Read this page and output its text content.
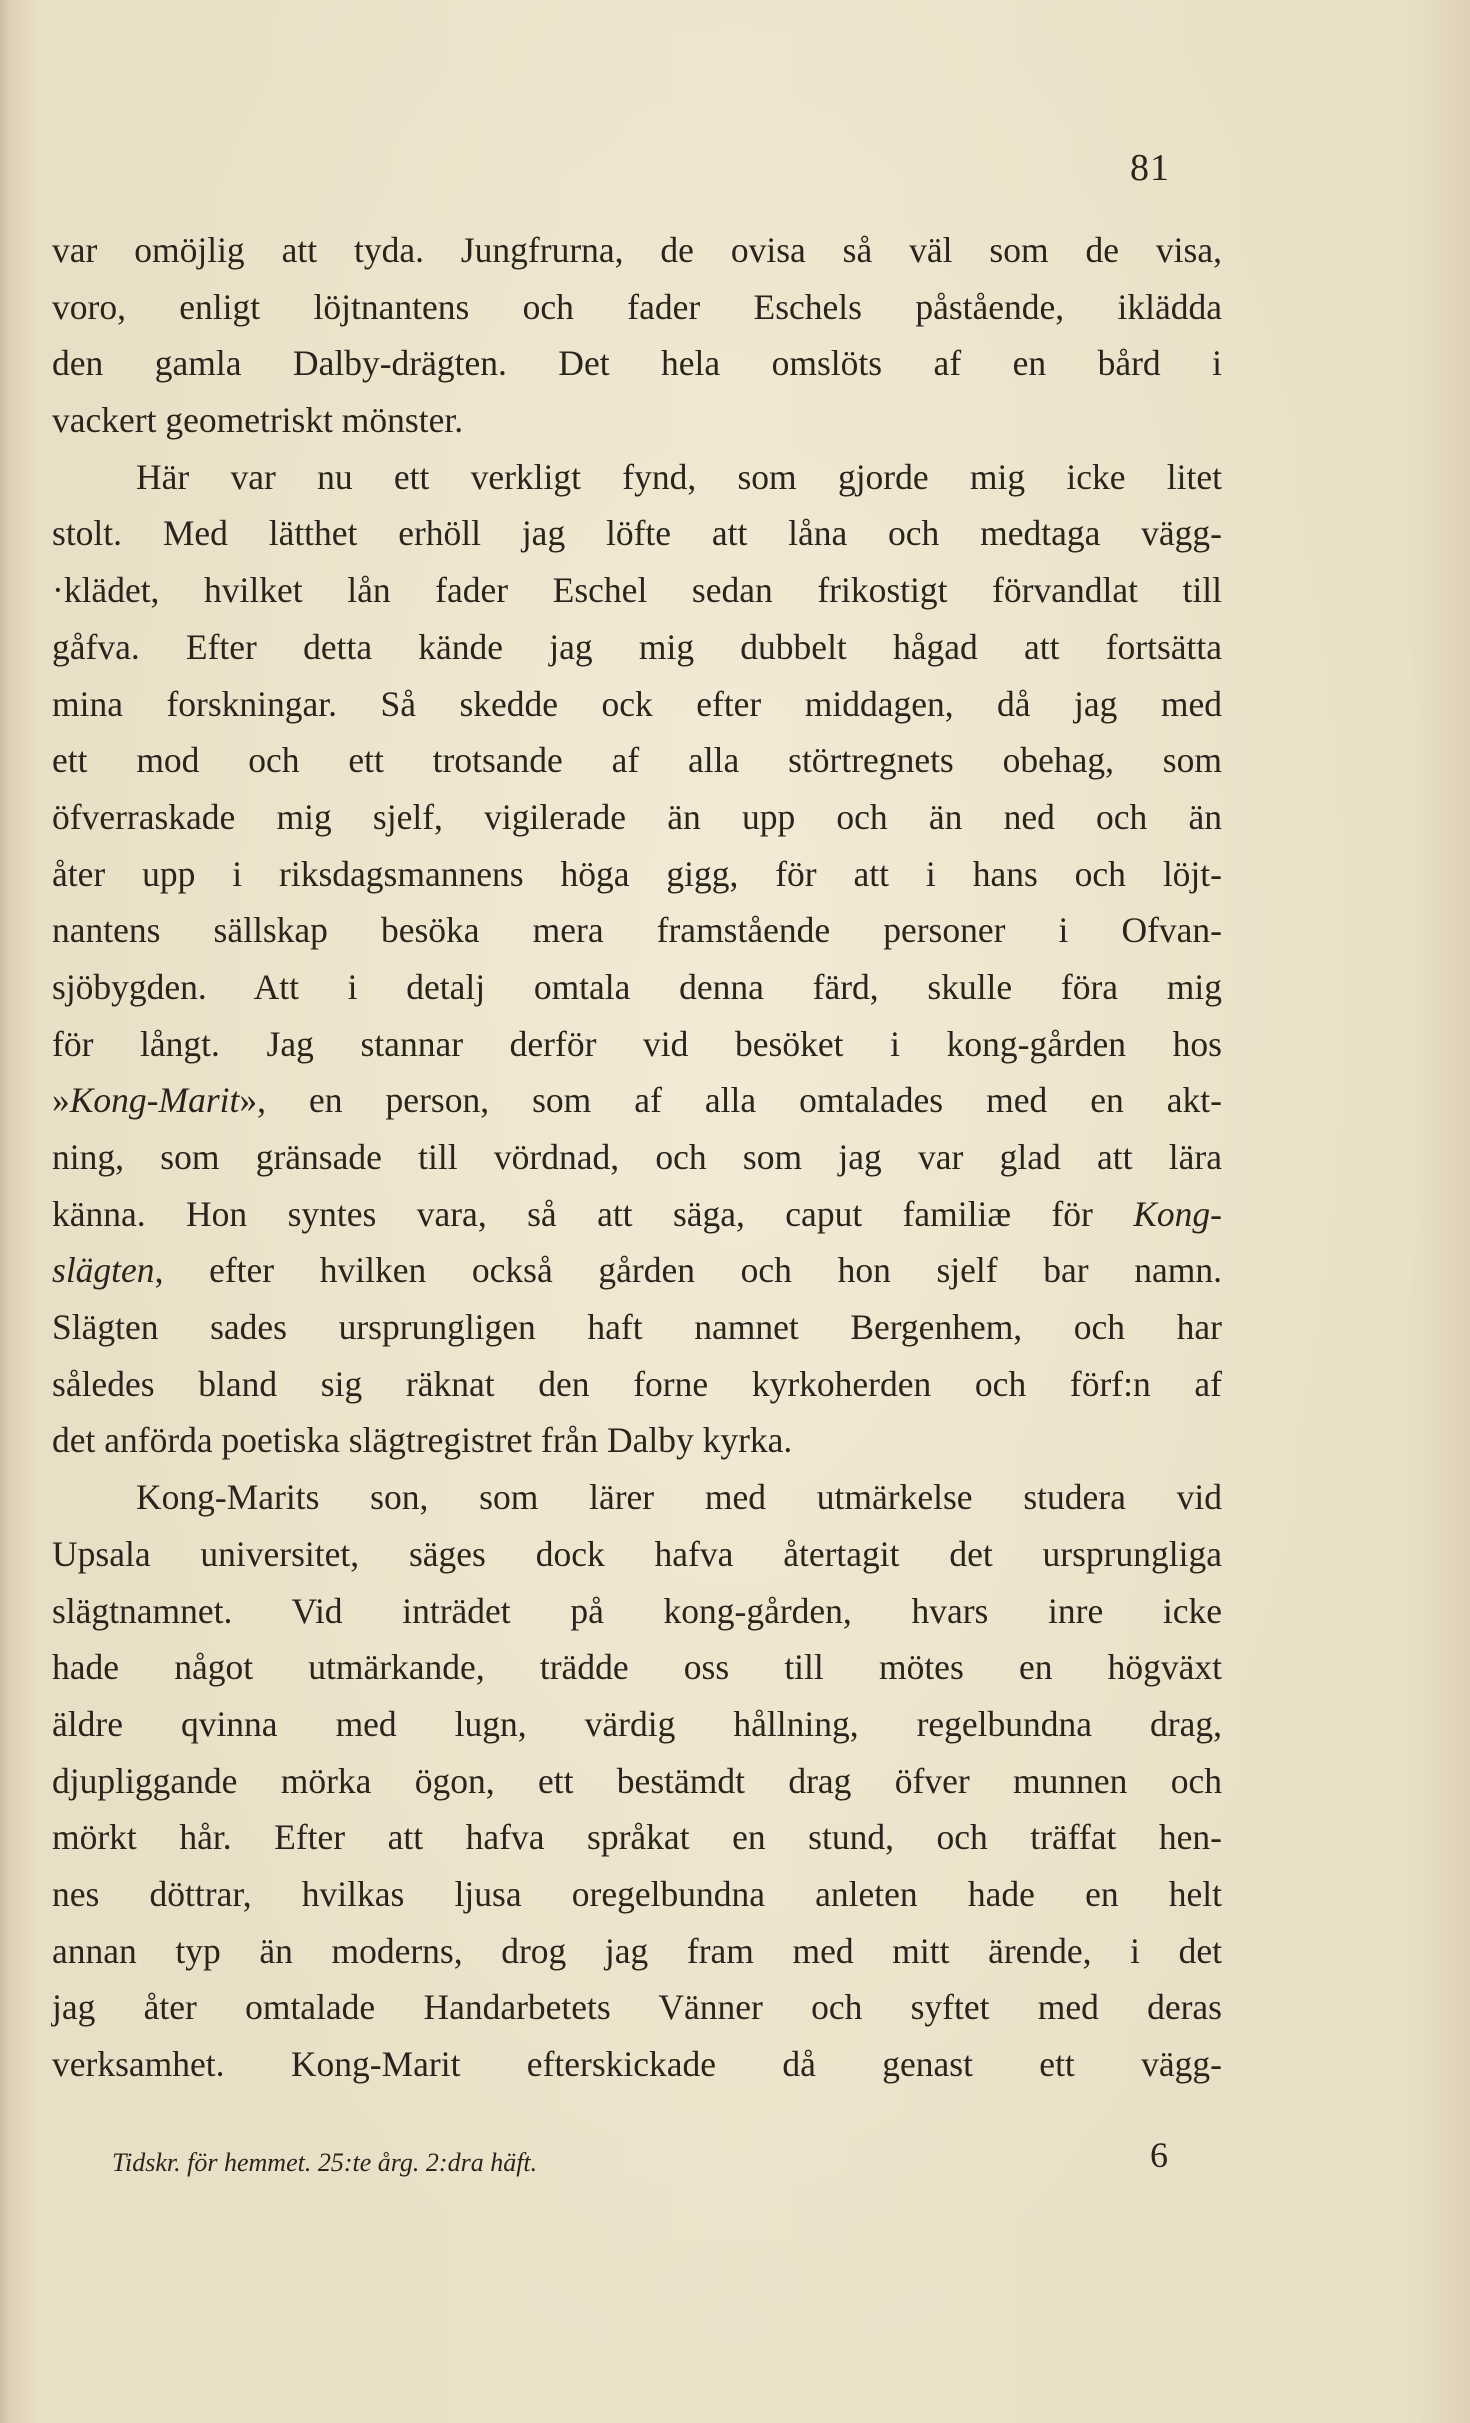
81
var omöjlig att tyda. Jungfrurna, de ovisa så väl som de visa,
voro, enligt löjtnantens och fader Eschels påstående, iklädda
den gamla Dalby-drägten. Det hela omslöts af en bård i
vackert geometriskt mönster.
Här var nu ett verkligt fynd, som gjorde mig icke litet
stolt. Med lätthet erhöll jag löfte att låna och medtaga vägg-
·klädet, hvilket lån fader Eschel sedan frikostigt förvandlat till
gåfva. Efter detta kände jag mig dubbelt hågad att fortsätta
mina forskningar. Så skedde ock efter middagen, då jag med
ett mod och ett trotsande af alla störtregnets obehag, som
öfverraskade mig sjelf, vigilerade än upp och än ned och än
åter upp i riksdagsmannens höga gigg, för att i hans och löjt-
nantens sällskap besöka mera framstående personer i Ofvan-
sjöbygden. Att i detalj omtala denna färd, skulle föra mig
för långt. Jag stannar derför vid besöket i kong-gården hos
»Kong-Marit», en person, som af alla omtalades med en akt-
ning, som gränsade till vördnad, och som jag var glad att lära
känna. Hon syntes vara, så att säga, caput familiæ för Kong-
slägten, efter hvilken också gården och hon sjelf bar namn.
Slägten sades ursprungligen haft namnet Bergenhem, och har
således bland sig räknat den forne kyrkoherden och förf:n af
det anförda poetiska slägtregistret från Dalby kyrka.
Kong-Marits son, som lärer med utmärkelse studera vid
Upsala universitet, säges dock hafva återtagit det ursprungliga
slägtnamnet. Vid inträdet på kong-gården, hvars inre icke
hade något utmärkande, trädde oss till mötes en högväxt
äldre qvinna med lugn, värdig hållning, regelbundna drag,
djupliggande mörka ögon, ett bestämdt drag öfver munnen och
mörkt hår. Efter att hafva språkat en stund, och träffat hen-
nes döttrar, hvilkas ljusa oregelbundna anleten hade en helt
annan typ än moderns, drog jag fram med mitt ärende, i det
jag åter omtalade Handarbetets Vänner och syftet med deras
verksamhet. Kong-Marit efterskickade då genast ett vägg-
Tidskr. för hemmet. 25:te årg. 2:dra häft.	6
